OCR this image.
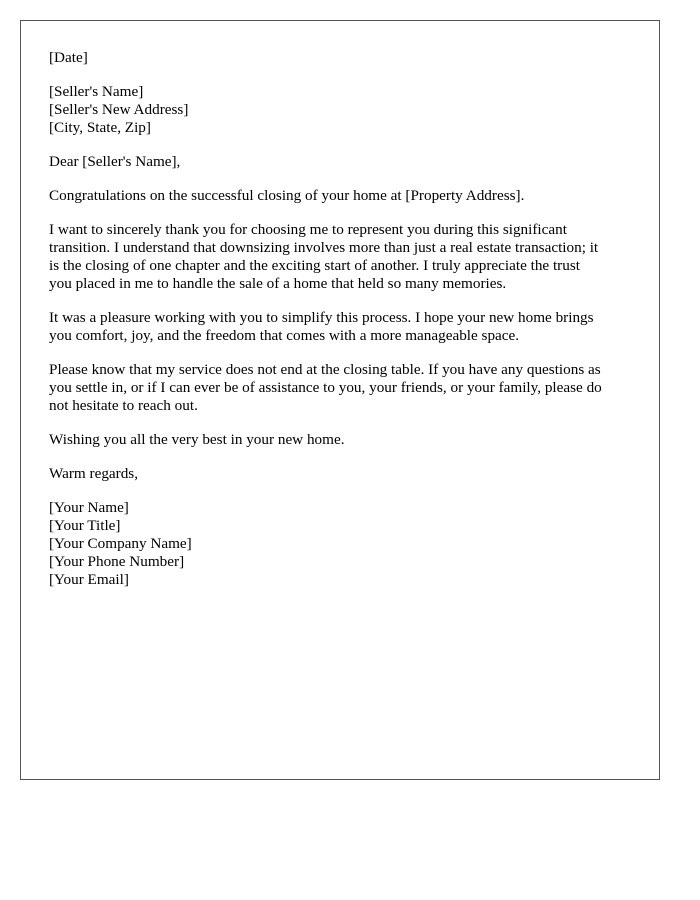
[Date]
[Seller's Name]
[Seller's New Address]
[City, State, Zip]
Dear [Seller's Name],
Congratulations on the successful closing of your home at [Property Address].
I want to sincerely thank you for choosing me to represent you during this significant
transition. I understand that downsizing involves more than just a real estate transaction; it
is the closing of one chapter and the exciting start of another. I truly appreciate the trust
you placed in me to handle the sale of a home that held so many memories.
It was a pleasure working with you to simplify this process. I hope your new home brings
you comfort, joy, and the freedom that comes with a more manageable space.
Please know that my service does not end at the closing table. If you have any questions as
you settle in, or if I can ever be of assistance to you, your friends, or your family, please do
not hesitate to reach out.
Wishing you all the very best in your new home.
Warm regards,
[Your Name]
[Your Title]
[Your Company Name]
[Your Phone Number]
[Your Email]
